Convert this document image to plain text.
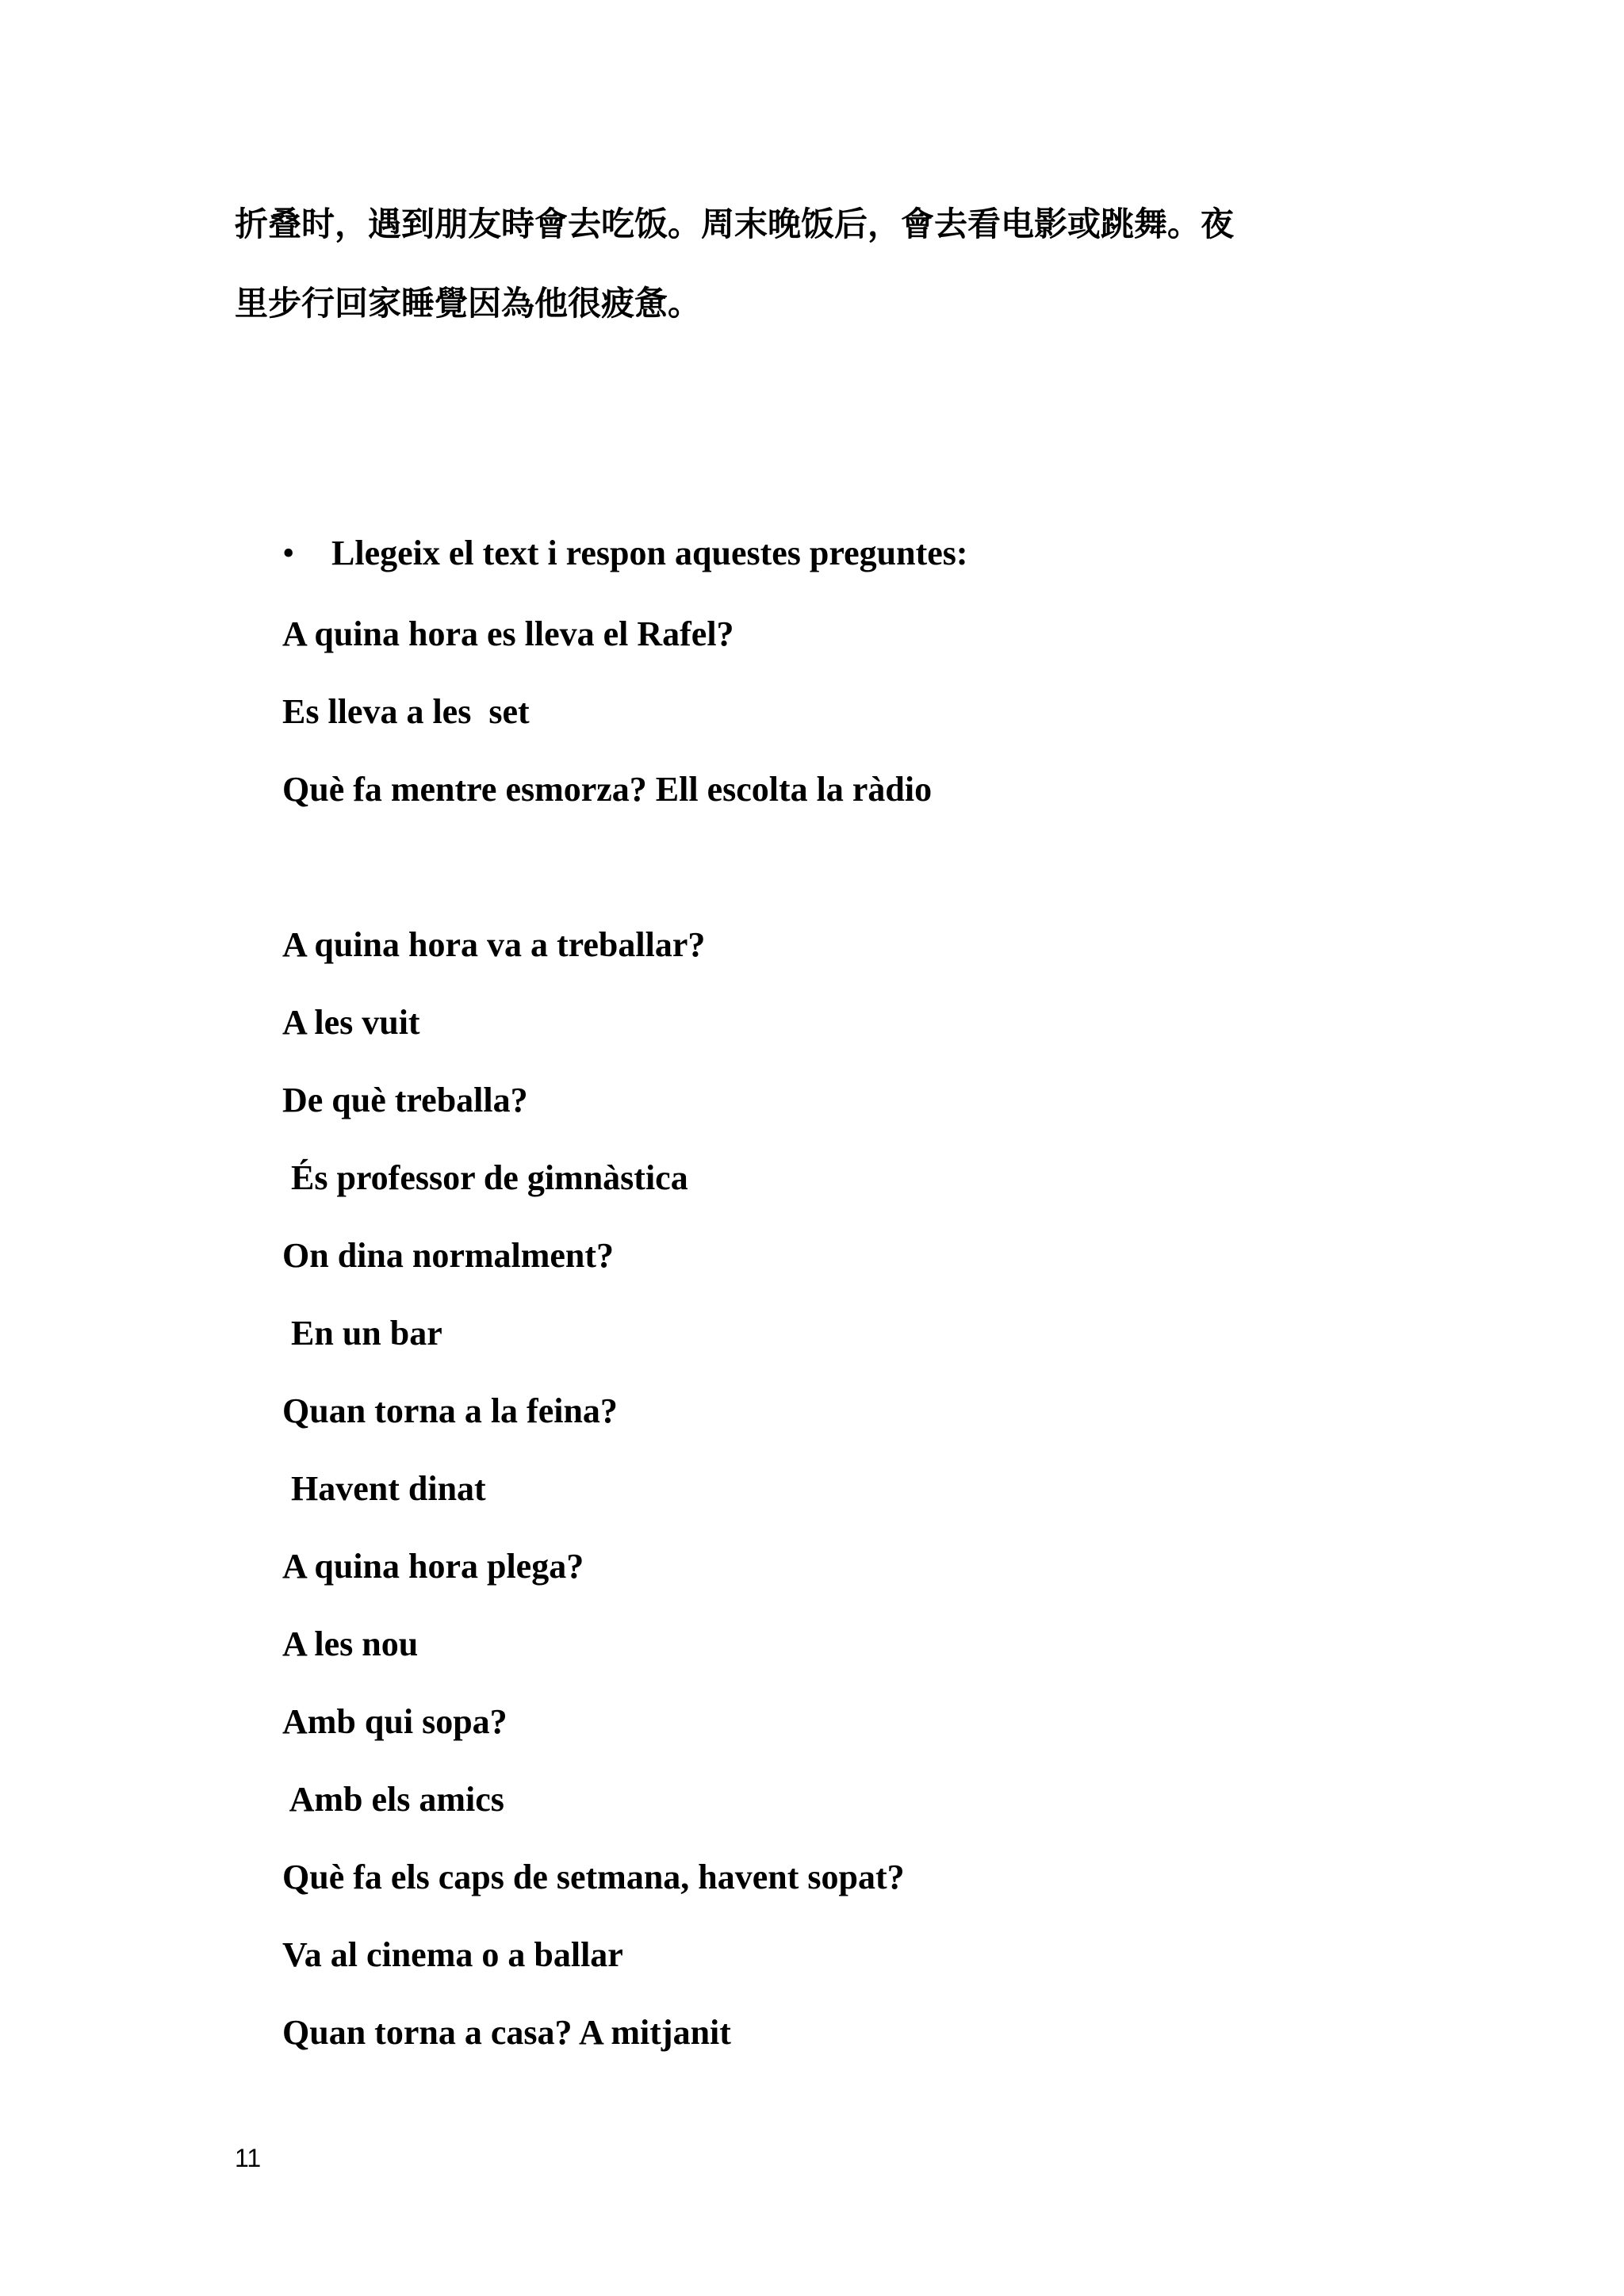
折叠时，遇到朋友時會去吃饭。周末晚饭后，會去看电影或跳舞。夜
里步行回家睡覺因為他很疲惫。
•	Llegeix el text i respon aquestes preguntes:
A quina hora es lleva el Rafel?
Es lleva a les  set
Què fa mentre esmorza? Ell escolta la ràdio
A quina hora va a treballar?
A les vuit
De què treballa?
És professor de gimnàstica
On dina normalment?
En un bar
Quan torna a la feina?
Havent dinat
A quina hora plega?
A les nou
Amb qui sopa?
Amb els amics
Què fa els caps de setmana, havent sopat?
Va al cinema o a ballar
Quan torna a casa? A mitjanit
11
